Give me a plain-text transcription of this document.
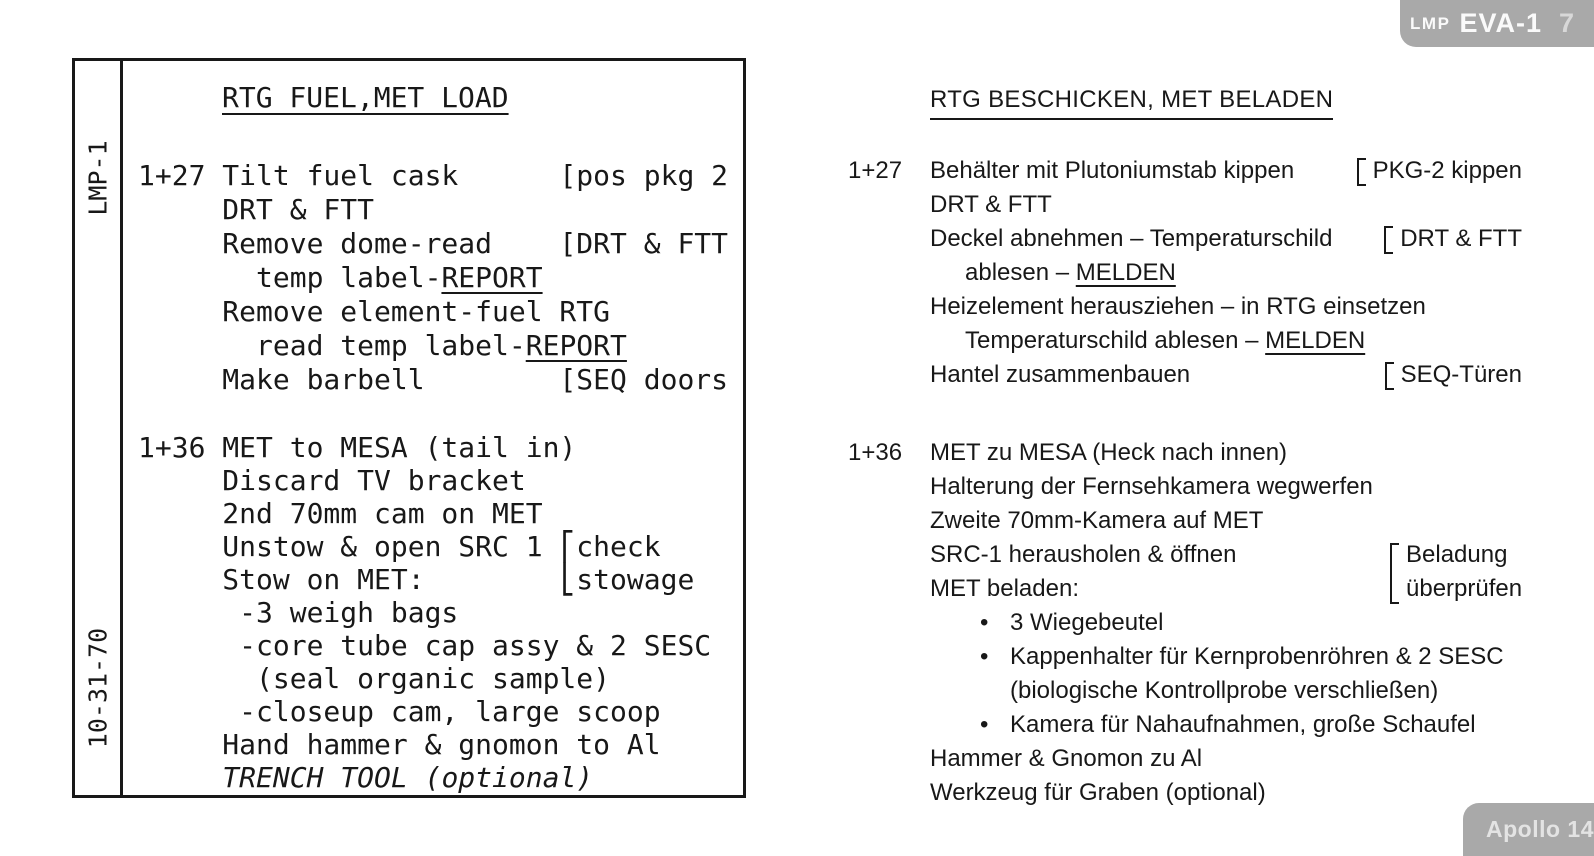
LMP EVA-1 7
LMP-1
10-31-70
RTG FUEL,MET LOAD
1+27 Tilt fuel cask      [pos pkg 2
DRT & FTT
Remove dome-read    [DRT & FTT
temp label-REPORT
Remove element-fuel RTG
read temp label-REPORT
Make barbell        [SEQ doors
1+36 MET to MESA (tail in)
Discard TV bracket
2nd 70mm cam on MET
Unstow & open SRC 1 ⎡check
Stow on MET:        ⎣stowage
-3 weigh bags
-core tube cap assy & 2 SESC
(seal organic sample)
-closeup cam, large scoop
Hand hammer & gnomon to Al
TRENCH TOOL (optional)
RTG BESCHICKEN, MET BELADEN
1+27 Behälter mit Plutoniumstab kippen	PKG-2 kippen
DRT & FTT
Deckel abnehmen – Temperaturschild	DRT & FTT
ablesen – MELDEN
Heizelement herausziehen – in RTG einsetzen
Temperaturschild ablesen – MELDEN
Hantel zusammenbauen	SEQ-Türen
1+36 MET zu MESA (Heck nach innen)
Halterung der Fernsehkamera wegwerfen
Zweite 70mm-Kamera auf MET
SRC-1 herausholen & öffnen	Beladung
MET beladen:	überprüfen
• 3 Wiegebeutel
• Kappenhalter für Kernprobenröhren & 2 SESC
(biologische Kontrollprobe verschließen)
• Kamera für Nahaufnahmen, große Schaufel
Hammer & Gnomon zu Al
Werkzeug für Graben (optional)
Apollo 14
